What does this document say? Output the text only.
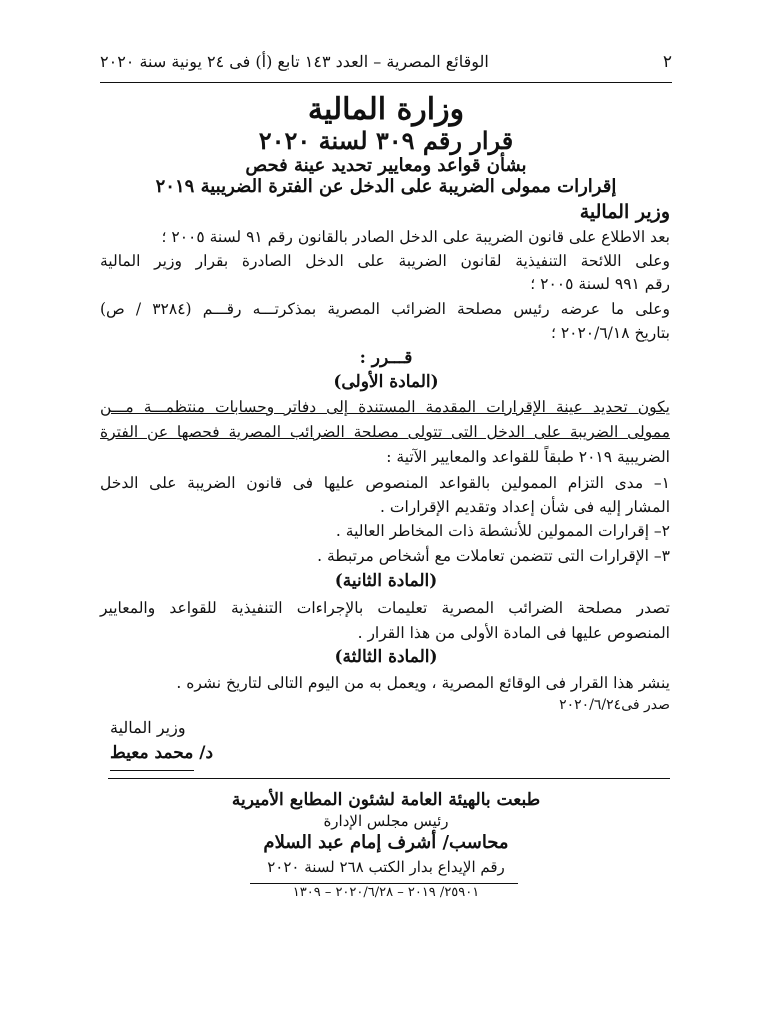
٢
الوقائع المصرية – العدد ١٤٣ تابع (أ) فى ٢٤ يونية سنة ٢٠٢٠
وزارة المالية
قرار رقم ٣٠٩ لسنة ٢٠٢٠
بشأن قواعد ومعايير تحديد عينة فحص
إقرارات ممولى الضريبة على الدخل عن الفترة الضريبية ٢٠١٩
وزير المالية
بعد الاطلاع على قانون الضريبة على الدخل الصادر بالقانون رقم ٩١ لسنة ٢٠٠٥ ؛
وعلى اللائحة التنفيذية لقانون الضريبة على الدخل الصادرة بقرار وزير المالية
رقم ٩٩١ لسنة ٢٠٠٥ ؛
وعلى ما عرضه رئيس مصلحة الضرائب المصرية بمذكرتـــه رقـــم (٣٢٨٤ / ص)
بتاريخ ٢٠٢٠/٦/١٨ ؛
قـــرر :
(المادة الأولى)
يكون تحديد عينة الإقرارات المقدمة المستندة إلى دفاتر وحسابات منتظمـــة مـــن
ممولى الضريبة على الدخل التى تتولى مصلحة الضرائب المصرية فحصها عن الفترة
الضريبية ٢٠١٩ طبقاً للقواعد والمعايير الآتية :
١– مدى التزام الممولين بالقواعد المنصوص عليها فى قانون الضريبة على الدخل
المشار إليه فى شأن إعداد وتقديم الإقرارات .
٢– إقرارات الممولين للأنشطة ذات المخاطر العالية .
٣– الإقرارات التى تتضمن تعاملات مع أشخاص مرتبطة .
(المادة الثانية)
تصدر مصلحة الضرائب المصرية تعليمات بالإجراءات التنفيذية للقواعد والمعايير
المنصوص عليها فى المادة الأولى من هذا القرار .
(المادة الثالثة)
ينشر هذا القرار فى الوقائع المصرية ، ويعمل به من اليوم التالى لتاريخ نشره .
صدر فى٢٠٢٠/٦/٢٤
وزير المالية
د/ محمد معيط
طبعت بالهيئة العامة لشئون المطابع الأميرية
رئيس مجلس الإدارة
محاسب/ أشرف إمام عبد السلام
رقم الإيداع بدار الكتب ٢٦٨ لسنة ٢٠٢٠
٢٥٩٠١/ ٢٠١٩ – ٢٠٢٠/٦/٢٨ – ١٣٠٩
